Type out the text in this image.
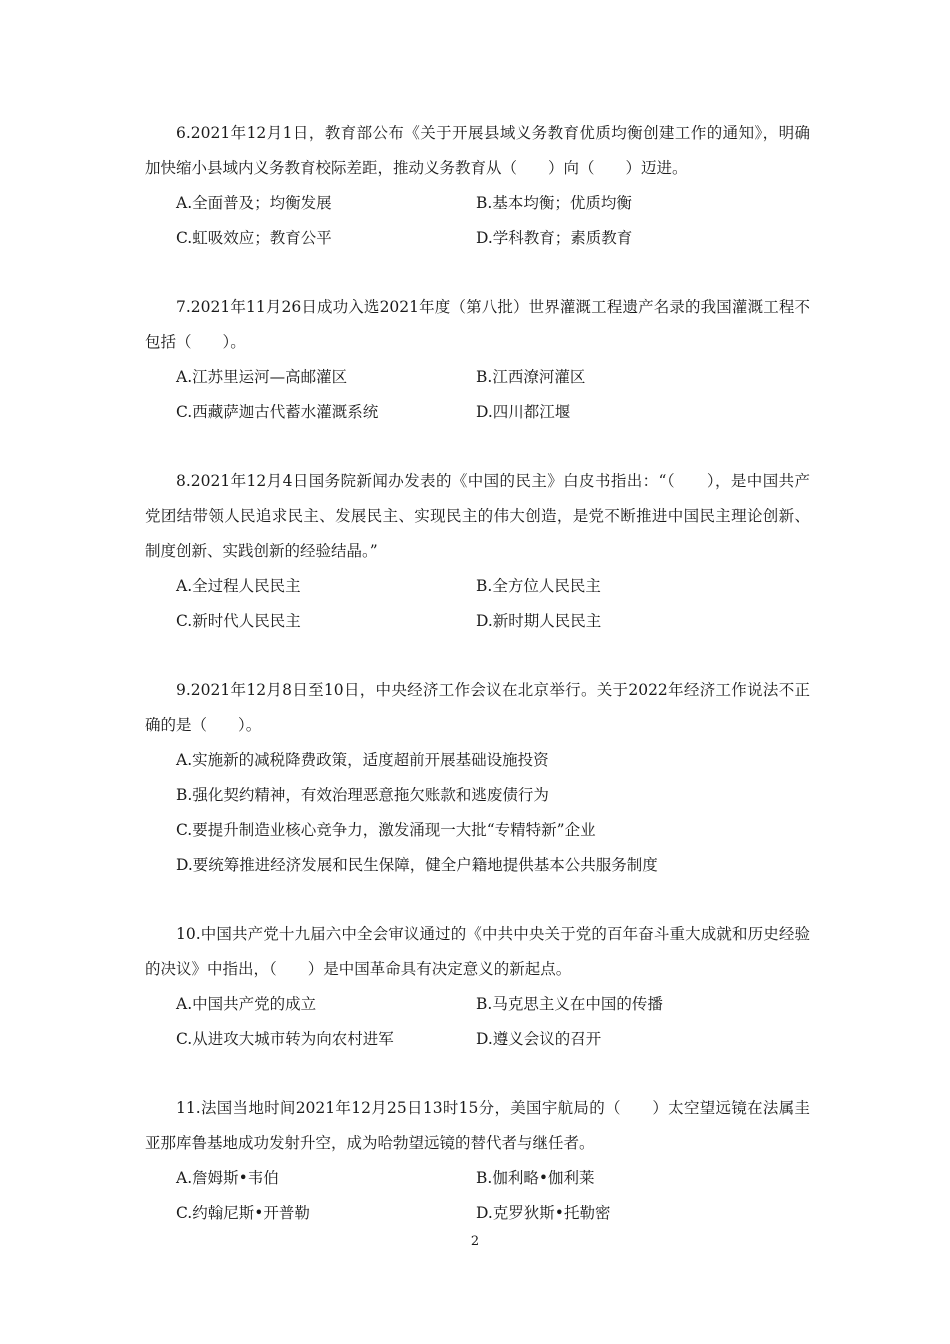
6.2021年12月1日，教育部公布《关于开展县域义务教育优质均衡创建工作的通知》，明确加快缩小县域内义务教育校际差距，推动义务教育从（　　）向（　　）迈进。

A.全面普及；均衡发展	B.基本均衡；优质均衡
C.虹吸效应；教育公平	D.学科教育；素质教育

7.2021年11月26日成功入选2021年度（第八批）世界灌溉工程遗产名录的我国灌溉工程不包括（　　）。

A.江苏里运河—高邮灌区	B.江西潦河灌区
C.西藏萨迦古代蓄水灌溉系统	D.四川都江堰

8.2021年12月4日国务院新闻办发表的《中国的民主》白皮书指出：“（　　），是中国共产党团结带领人民追求民主、发展民主、实现民主的伟大创造，是党不断推进中国民主理论创新、制度创新、实践创新的经验结晶。”

A.全过程人民民主	B.全方位人民民主
C.新时代人民民主	D.新时期人民民主

9.2021年12月8日至10日，中央经济工作会议在北京举行。关于2022年经济工作说法不正确的是（　　）。

A.实施新的减税降费政策，适度超前开展基础设施投资
B.强化契约精神，有效治理恶意拖欠账款和逃废债行为
C.要提升制造业核心竞争力，激发涌现一大批“专精特新”企业
D.要统筹推进经济发展和民生保障，健全户籍地提供基本公共服务制度

10.中国共产党十九届六中全会审议通过的《中共中央关于党的百年奋斗重大成就和历史经验的决议》中指出，（　　）是中国革命具有决定意义的新起点。

A.中国共产党的成立	B.马克思主义在中国的传播
C.从进攻大城市转为向农村进军	D.遵义会议的召开

11.法国当地时间2021年12月25日13时15分，美国宇航局的（　　）太空望远镜在法属圭亚那库鲁基地成功发射升空，成为哈勃望远镜的替代者与继任者。

A.詹姆斯•韦伯	B.伽利略•伽利莱
C.约翰尼斯•开普勒	D.克罗狄斯•托勒密
2
